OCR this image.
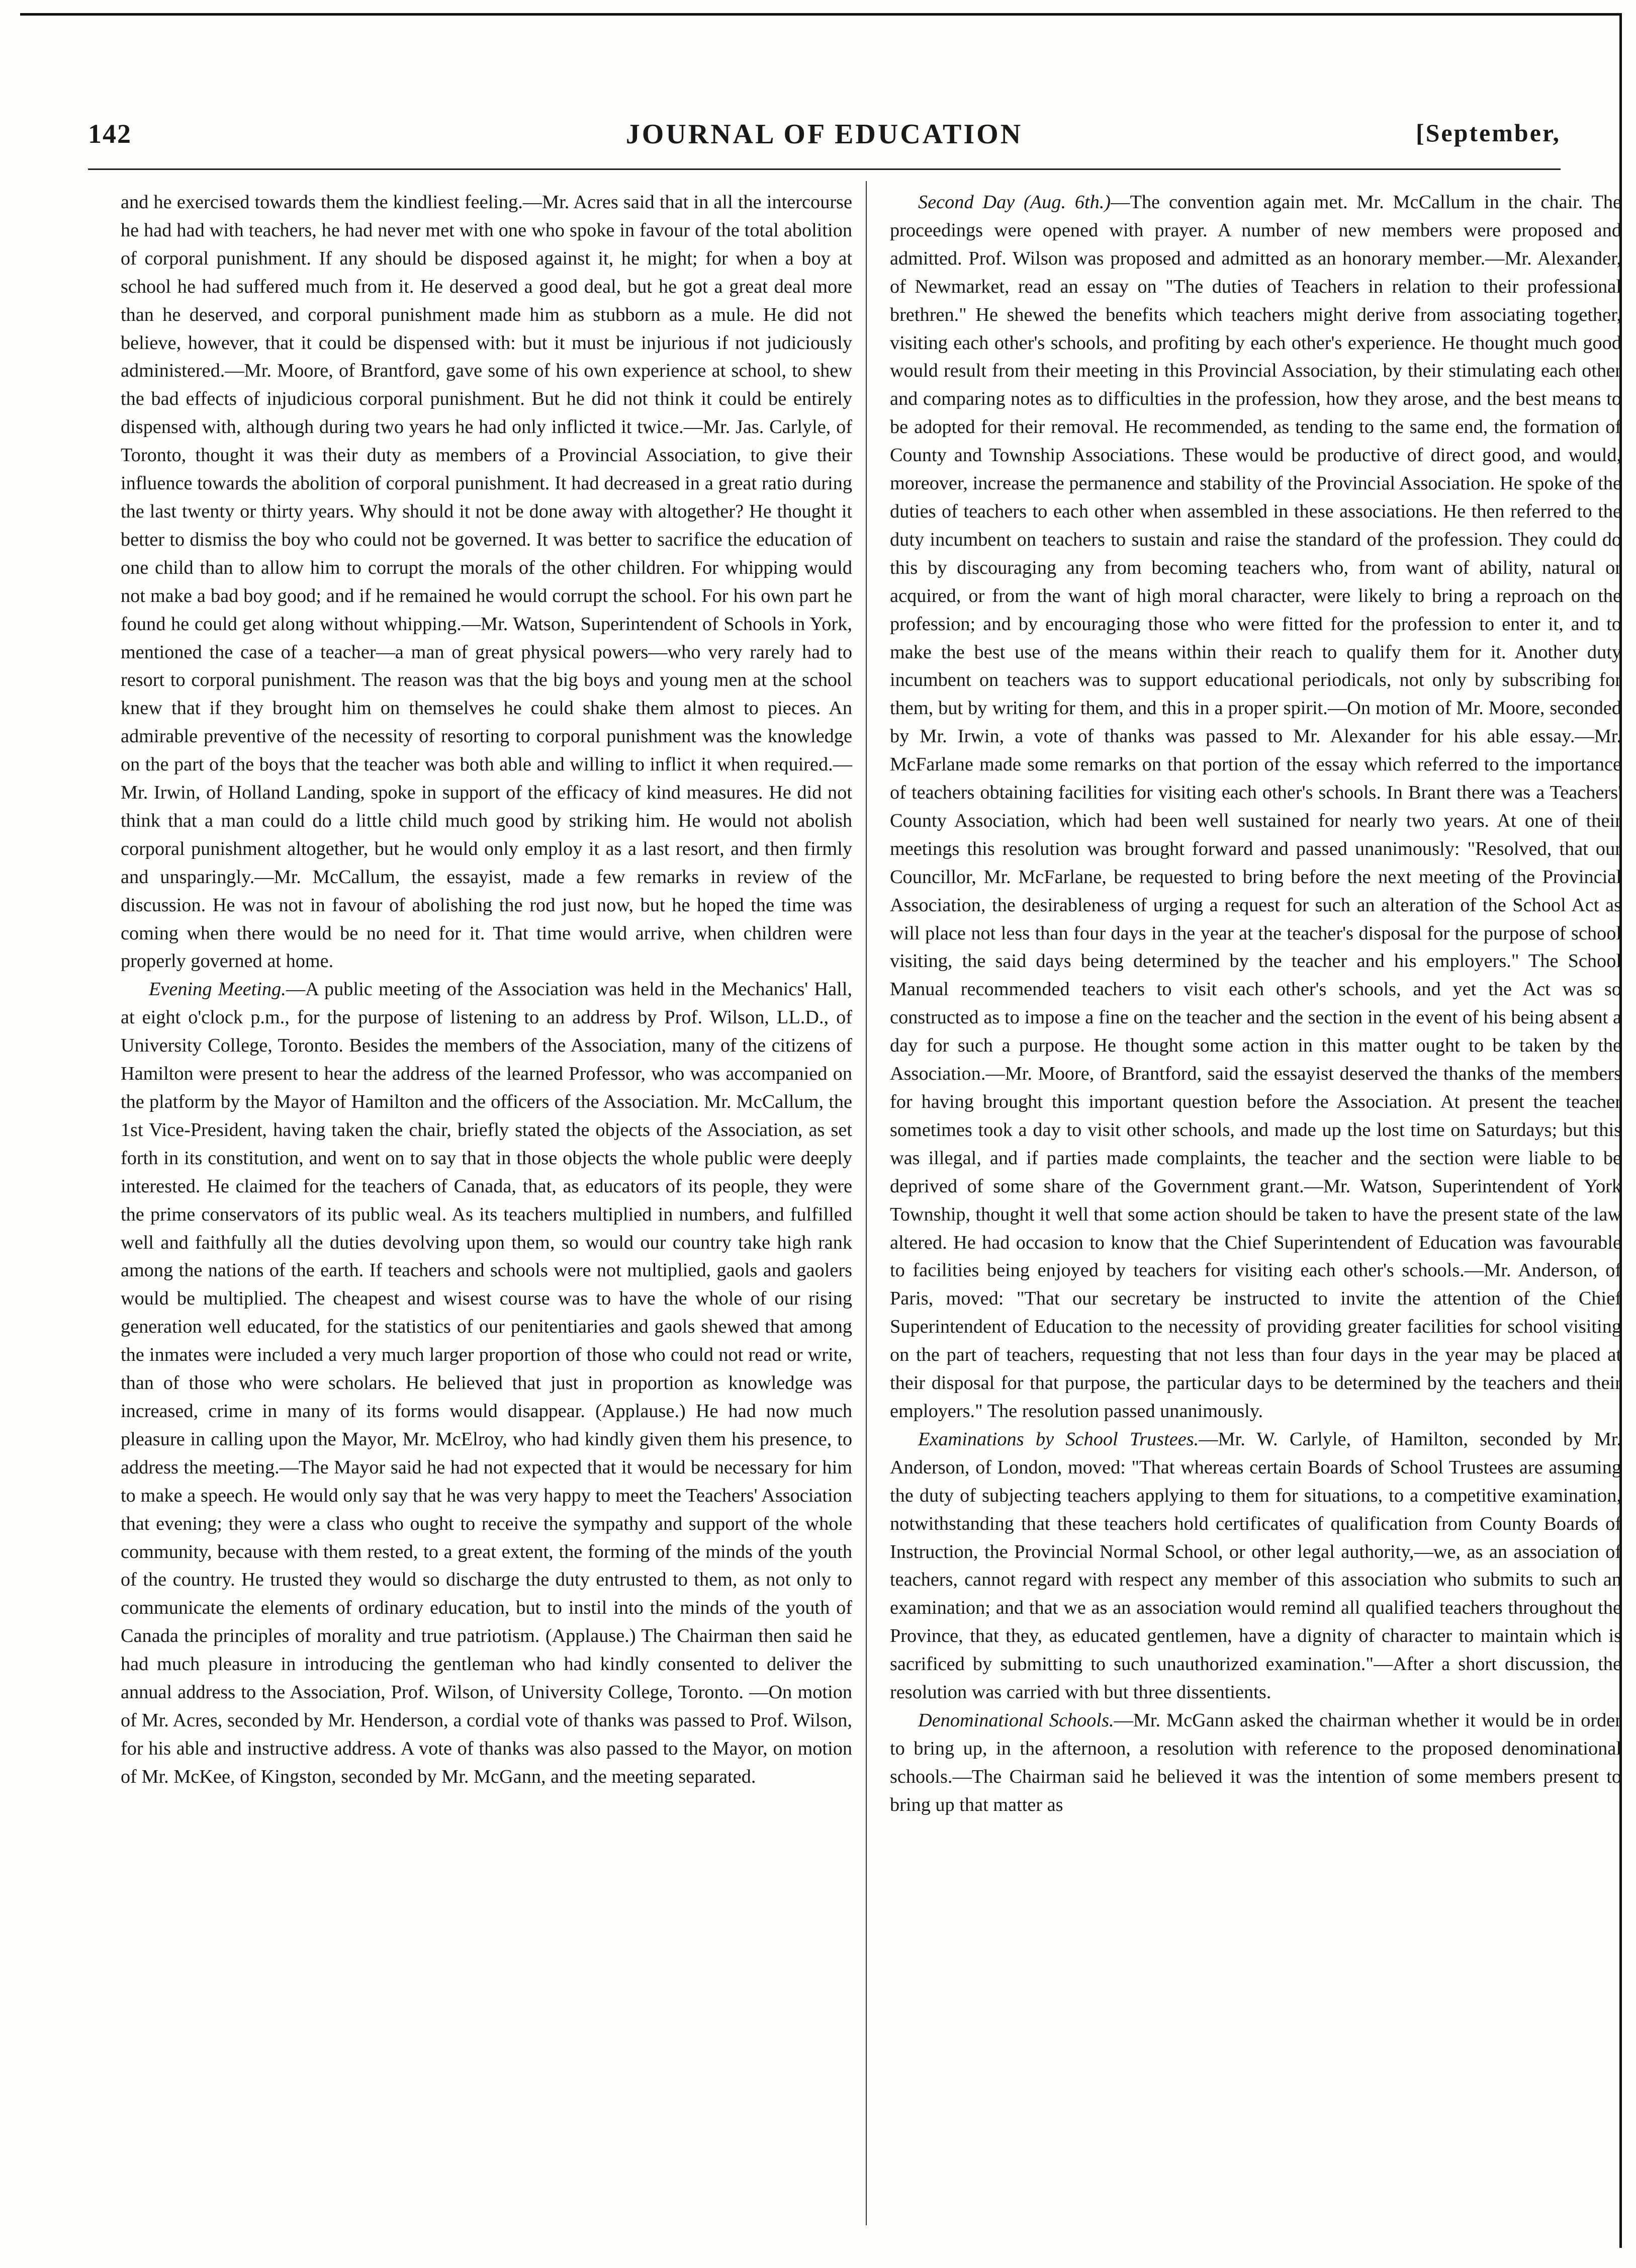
142	JOURNAL OF EDUCATION	[September,

and he exercised towards them the kindliest feeling.—Mr. Acres said that in all the intercourse he had had with teachers, he had never met with one who spoke in favour of the total abolition of corporal punishment. If any should be disposed against it, he might; for when a boy at school he had suffered much from it. He deserved a good deal, but he got a great deal more than he deserved, and corporal punishment made him as stubborn as a mule. He did not believe, however, that it could be dispensed with: but it must be injurious if not judiciously administered.—Mr. Moore, of Brantford, gave some of his own experience at school, to shew the bad effects of injudicious corporal punishment. But he did not think it could be entirely dispensed with, although during two years he had only inflicted it twice.—Mr. Jas. Carlyle, of Toronto, thought it was their duty as members of a Provincial Association, to give their influence towards the abolition of corporal punishment. It had decreased in a great ratio during the last twenty or thirty years. Why should it not be done away with altogether? He thought it better to dismiss the boy who could not be governed. It was better to sacrifice the education of one child than to allow him to corrupt the morals of the other children. For whipping would not make a bad boy good; and if he remained he would corrupt the school. For his own part he found he could get along without whipping.—Mr. Watson, Superintendent of Schools in York, mentioned the case of a teacher—a man of great physical powers—who very rarely had to resort to corporal punishment. The reason was that the big boys and young men at the school knew that if they brought him on themselves he could shake them almost to pieces. An admirable preventive of the necessity of resorting to corporal punishment was the knowledge on the part of the boys that the teacher was both able and willing to inflict it when required.—Mr. Irwin, of Holland Landing, spoke in support of the efficacy of kind measures. He did not think that a man could do a little child much good by striking him. He would not abolish corporal punishment altogether, but he would only employ it as a last resort, and then firmly and unsparingly.—Mr. McCallum, the essayist, made a few remarks in review of the discussion. He was not in favour of abolishing the rod just now, but he hoped the time was coming when there would be no need for it. That time would arrive, when children were properly governed at home.

Evening Meeting.—A public meeting of the Association was held in the Mechanics' Hall, at eight o'clock p.m., for the purpose of listening to an address by Prof. Wilson, LL.D., of University College, Toronto. Besides the members of the Association, many of the citizens of Hamilton were present to hear the address of the learned Professor, who was accompanied on the platform by the Mayor of Hamilton and the officers of the Association. Mr. McCallum, the 1st Vice-President, having taken the chair, briefly stated the objects of the Association, as set forth in its constitution, and went on to say that in those objects the whole public were deeply interested. He claimed for the teachers of Canada, that, as educators of its people, they were the prime conservators of its public weal. As its teachers multiplied in numbers, and fulfilled well and faithfully all the duties devolving upon them, so would our country take high rank among the nations of the earth. If teachers and schools were not multiplied, gaols and gaolers would be multiplied. The cheapest and wisest course was to have the whole of our rising generation well educated, for the statistics of our penitentiaries and gaols shewed that among the inmates were included a very much larger proportion of those who could not read or write, than of those who were scholars. He believed that just in proportion as knowledge was increased, crime in many of its forms would disappear. (Applause.) He had now much pleasure in calling upon the Mayor, Mr. McElroy, who had kindly given them his presence, to address the meeting.—The Mayor said he had not expected that it would be necessary for him to make a speech. He would only say that he was very happy to meet the Teachers' Association that evening; they were a class who ought to receive the sympathy and support of the whole community, because with them rested, to a great extent, the forming of the minds of the youth of the country. He trusted they would so discharge the duty entrusted to them, as not only to communicate the elements of ordinary education, but to instil into the minds of the youth of Canada the principles of morality and true patriotism. (Applause.) The Chairman then said he had much pleasure in introducing the gentleman who had kindly consented to deliver the annual address to the Association, Prof. Wilson, of University College, Toronto. —On motion of Mr. Acres, seconded by Mr. Henderson, a cordial vote of thanks was passed to Prof. Wilson, for his able and instructive address. A vote of thanks was also passed to the Mayor, on motion of Mr. McKee, of Kingston, seconded by Mr. McGann, and the meeting separated.

Second Day (Aug. 6th.)—The convention again met. Mr. McCallum in the chair. The proceedings were opened with prayer. A number of new members were proposed and admitted. Prof. Wilson was proposed and admitted as an honorary member.—Mr. Alexander, of Newmarket, read an essay on "The duties of Teachers in relation to their professional brethren." He shewed the benefits which teachers might derive from associating together, visiting each other's schools, and profiting by each other's experience. He thought much good would result from their meeting in this Provincial Association, by their stimulating each other and comparing notes as to difficulties in the profession, how they arose, and the best means to be adopted for their removal. He recommended, as tending to the same end, the formation of County and Township Associations. These would be productive of direct good, and would, moreover, increase the permanence and stability of the Provincial Association. He spoke of the duties of teachers to each other when assembled in these associations. He then referred to the duty incumbent on teachers to sustain and raise the standard of the profession. They could do this by discouraging any from becoming teachers who, from want of ability, natural or acquired, or from the want of high moral character, were likely to bring a reproach on the profession; and by encouraging those who were fitted for the profession to enter it, and to make the best use of the means within their reach to qualify them for it. Another duty incumbent on teachers was to support educational periodicals, not only by subscribing for them, but by writing for them, and this in a proper spirit.—On motion of Mr. Moore, seconded by Mr. Irwin, a vote of thanks was passed to Mr. Alexander for his able essay.—Mr. McFarlane made some remarks on that portion of the essay which referred to the importance of teachers obtaining facilities for visiting each other's schools. In Brant there was a Teachers' County Association, which had been well sustained for nearly two years. At one of their meetings this resolution was brought forward and passed unanimously: "Resolved, that our Councillor, Mr. McFarlane, be requested to bring before the next meeting of the Provincial Association, the desirableness of urging a request for such an alteration of the School Act as will place not less than four days in the year at the teacher's disposal for the purpose of school visiting, the said days being determined by the teacher and his employers." The School Manual recommended teachers to visit each other's schools, and yet the Act was so constructed as to impose a fine on the teacher and the section in the event of his being absent a day for such a purpose. He thought some action in this matter ought to be taken by the Association.—Mr. Moore, of Brantford, said the essayist deserved the thanks of the members for having brought this important question before the Association. At present the teacher sometimes took a day to visit other schools, and made up the lost time on Saturdays; but this was illegal, and if parties made complaints, the teacher and the section were liable to be deprived of some share of the Government grant.—Mr. Watson, Superintendent of York Township, thought it well that some action should be taken to have the present state of the law altered. He had occasion to know that the Chief Superintendent of Education was favourable to facilities being enjoyed by teachers for visiting each other's schools.—Mr. Anderson, of Paris, moved: "That our secretary be instructed to invite the attention of the Chief Superintendent of Education to the necessity of providing greater facilities for school visiting on the part of teachers, requesting that not less than four days in the year may be placed at their disposal for that purpose, the particular days to be determined by the teachers and their employers." The resolution passed unanimously.

Examinations by School Trustees.—Mr. W. Carlyle, of Hamilton, seconded by Mr. Anderson, of London, moved: "That whereas certain Boards of School Trustees are assuming the duty of subjecting teachers applying to them for situations, to a competitive examination, notwithstanding that these teachers hold certificates of qualification from County Boards of Instruction, the Provincial Normal School, or other legal authority,—we, as an association of teachers, cannot regard with respect any member of this association who submits to such an examination; and that we as an association would remind all qualified teachers throughout the Province, that they, as educated gentlemen, have a dignity of character to maintain which is sacrificed by submitting to such unauthorized examination."—After a short discussion, the resolution was carried with but three dissentients.

Denominational Schools.—Mr. McGann asked the chairman whether it would be in order to bring up, in the afternoon, a resolution with reference to the proposed denominational schools.—The Chairman said he believed it was the intention of some members present to bring up that matter as
